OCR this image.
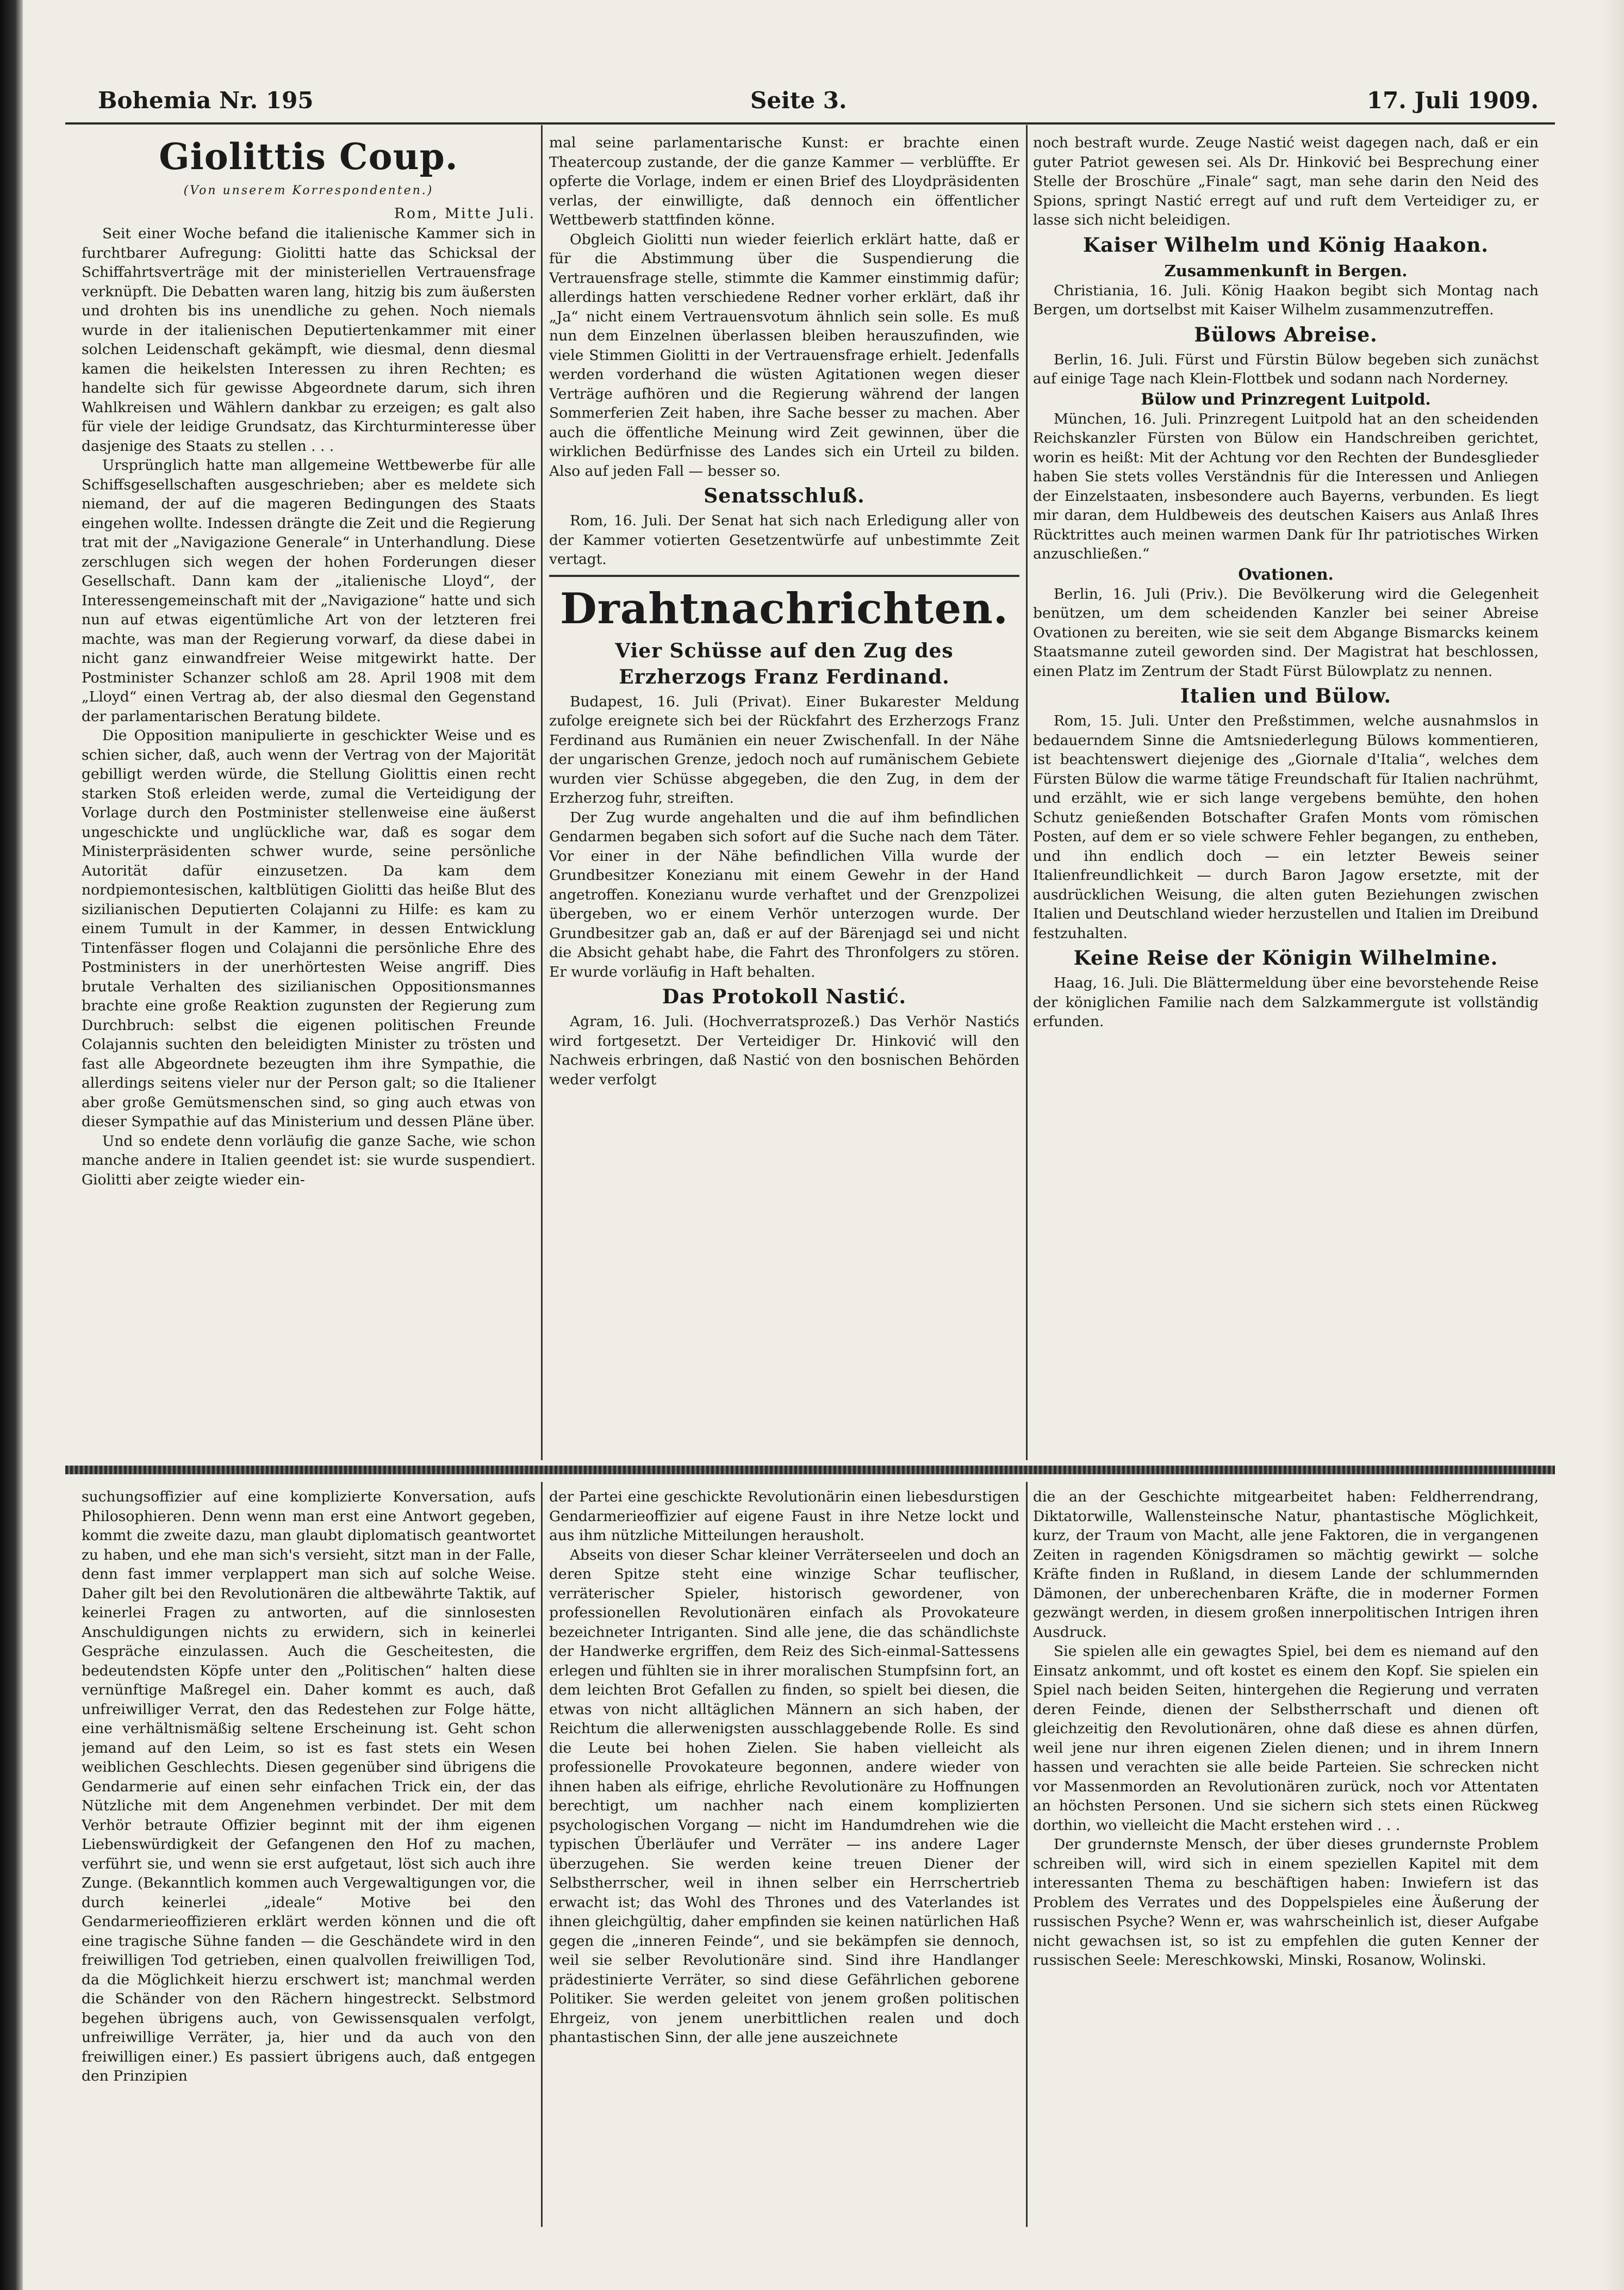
Bohemia Nr. 195	Seite 3.	17. Juli 1909.
Giolittis Coup.
(Von unserem Korrespondenten.)
Rom, Mitte Juli.

Seit einer Woche befand die italienische Kammer sich in furchtbarer Aufregung: Giolitti hatte das Schicksal der Schiffahrtsverträge mit der ministeriellen Vertrauensfrage verknüpft. Die Debatten waren lang, hitzig bis zum äußersten und drohten bis ins unendliche zu gehen. Noch niemals wurde in der italienischen Deputiertenkammer mit einer solchen Leidenschaft gekämpft, wie diesmal, denn diesmal kamen die heikelsten Interessen zu ihren Rechten; es handelte sich für gewisse Abgeordnete darum, sich ihren Wahlkreisen und Wählern dankbar zu erzeigen; es galt also für viele der leidige Grundsatz, das Kirchturminteresse über dasjenige des Staats zu stellen . . .

Ursprünglich hatte man allgemeine Wettbewerbe für alle Schiffsgesellschaften ausgeschrieben; aber es meldete sich niemand, der auf die mageren Bedingungen des Staats eingehen wollte. Indessen drängte die Zeit und die Regierung trat mit der „Navigazione Generale“ in Unterhandlung. Diese zerschlugen sich wegen der hohen Forderungen dieser Gesellschaft. Dann kam der „italienische Lloyd“, der Interessengemeinschaft mit der „Navigazione“ hatte und sich nun auf etwas eigentümliche Art von der letzteren frei machte, was man der Regierung vorwarf, da diese dabei in nicht ganz einwandfreier Weise mitgewirkt hatte. Der Postminister Schanzer schloß am 28. April 1908 mit dem „Lloyd“ einen Vertrag ab, der also diesmal den Gegenstand der parlamentarischen Beratung bildete.

Die Opposition manipulierte in geschickter Weise und es schien sicher, daß, auch wenn der Vertrag von der Majorität gebilligt werden würde, die Stellung Giolittis einen recht starken Stoß erleiden werde, zumal die Verteidigung der Vorlage durch den Postminister stellenweise eine äußerst ungeschickte und unglückliche war, daß es sogar dem Ministerpräsidenten schwer wurde, seine persönliche Autorität dafür einzusetzen. Da kam dem nordpiemontesischen, kaltblütigen Giolitti das heiße Blut des sizilianischen Deputierten Colajanni zu Hilfe: es kam zu einem Tumult in der Kammer, in dessen Entwicklung Tintenfässer flogen und Colajanni die persönliche Ehre des Postministers in der unerhörtesten Weise angriff. Dies brutale Verhalten des sizilianischen Oppositionsmannes brachte eine große Reaktion zugunsten der Regierung zum Durchbruch: selbst die eigenen politischen Freunde Colajannis suchten den beleidigten Minister zu trösten und fast alle Abgeordnete bezeugten ihm ihre Sympathie, die allerdings seitens vieler nur der Person galt; so die Italiener aber große Gemütsmenschen sind, so ging auch etwas von dieser Sympathie auf das Ministerium und dessen Pläne über.

Und so endete denn vorläufig die ganze Sache, wie schon manche andere in Italien geendet ist: sie wurde suspendiert. Giolitti aber zeigte wieder ein-

mal seine parlamentarische Kunst: er brachte einen Theatercoup zustande, der die ganze Kammer — verblüffte. Er opferte die Vorlage, indem er einen Brief des Lloydpräsidenten verlas, der einwilligte, daß dennoch ein öffentlicher Wettbewerb stattfinden könne.

Obgleich Giolitti nun wieder feierlich erklärt hatte, daß er für die Abstimmung über die Suspendierung die Vertrauensfrage stelle, stimmte die Kammer einstimmig dafür; allerdings hatten verschiedene Redner vorher erklärt, daß ihr „Ja“ nicht einem Vertrauensvotum ähnlich sein solle. Es muß nun dem Einzelnen überlassen bleiben herauszufinden, wie viele Stimmen Giolitti in der Vertrauensfrage erhielt. Jedenfalls werden vorderhand die wüsten Agitationen wegen dieser Verträge aufhören und die Regierung während der langen Sommerferien Zeit haben, ihre Sache besser zu machen. Aber auch die öffentliche Meinung wird Zeit gewinnen, über die wirklichen Bedürfnisse des Landes sich ein Urteil zu bilden. Also auf jeden Fall — besser so.

Senatsschluß.

Rom, 16. Juli. Der Senat hat sich nach Erledigung aller von der Kammer votierten Gesetzentwürfe auf unbestimmte Zeit vertagt.

Drahtnachrichten.
Vier Schüsse auf den Zug des Erzherzogs Franz Ferdinand.

Budapest, 16. Juli (Privat). Einer Bukarester Meldung zufolge ereignete sich bei der Rückfahrt des Erzherzogs Franz Ferdinand aus Rumänien ein neuer Zwischenfall. In der Nähe der ungarischen Grenze, jedoch noch auf rumänischem Gebiete wurden vier Schüsse abgegeben, die den Zug, in dem der Erzherzog fuhr, streiften.

Der Zug wurde angehalten und die auf ihm befindlichen Gendarmen begaben sich sofort auf die Suche nach dem Täter. Vor einer in der Nähe befindlichen Villa wurde der Grundbesitzer Konezianu mit einem Gewehr in der Hand angetroffen. Konezianu wurde verhaftet und der Grenzpolizei übergeben, wo er einem Verhör unterzogen wurde. Der Grundbesitzer gab an, daß er auf der Bärenjagd sei und nicht die Absicht gehabt habe, die Fahrt des Thronfolgers zu stören. Er wurde vorläufig in Haft behalten.

Das Protokoll Nastić.

Agram, 16. Juli. (Hochverratsprozeß.) Das Verhör Nastićs wird fortgesetzt. Der Verteidiger Dr. Hinković will den Nachweis erbringen, daß Nastić von den bosnischen Behörden weder verfolgt

noch bestraft wurde. Zeuge Nastić weist dagegen nach, daß er ein guter Patriot gewesen sei. Als Dr. Hinković bei Besprechung einer Stelle der Broschüre „Finale“ sagt, man sehe darin den Neid des Spions, springt Nastić erregt auf und ruft dem Verteidiger zu, er lasse sich nicht beleidigen.

Kaiser Wilhelm und König Haakon.
Zusammenkunft in Bergen.

Christiania, 16. Juli. König Haakon begibt sich Montag nach Bergen, um dortselbst mit Kaiser Wilhelm zusammenzutreffen.

Bülows Abreise.

Berlin, 16. Juli. Fürst und Fürstin Bülow begeben sich zunächst auf einige Tage nach Klein-Flottbek und sodann nach Norderney.

Bülow und Prinzregent Luitpold.

München, 16. Juli. Prinzregent Luitpold hat an den scheidenden Reichskanzler Fürsten von Bülow ein Handschreiben gerichtet, worin es heißt: Mit der Achtung vor den Rechten der Bundesglieder haben Sie stets volles Verständnis für die Interessen und Anliegen der Einzelstaaten, insbesondere auch Bayerns, verbunden. Es liegt mir daran, dem Huldbeweis des deutschen Kaisers aus Anlaß Ihres Rücktrittes auch meinen warmen Dank für Ihr patriotisches Wirken anzuschließen.“

Ovationen.

Berlin, 16. Juli (Priv.). Die Bevölkerung wird die Gelegenheit benützen, um dem scheidenden Kanzler bei seiner Abreise Ovationen zu bereiten, wie sie seit dem Abgange Bismarcks keinem Staatsmanne zuteil geworden sind. Der Magistrat hat beschlossen, einen Platz im Zentrum der Stadt Fürst Bülowplatz zu nennen.

Italien und Bülow.

Rom, 15. Juli. Unter den Preßstimmen, welche ausnahmslos in bedauerndem Sinne die Amtsniederlegung Bülows kommentieren, ist beachtenswert diejenige des „Giornale d'Italia“, welches dem Fürsten Bülow die warme tätige Freundschaft für Italien nachrühmt, und erzählt, wie er sich lange vergebens bemühte, den hohen Schutz genießenden Botschafter Grafen Monts vom römischen Posten, auf dem er so viele schwere Fehler begangen, zu entheben, und ihn endlich doch — ein letzter Beweis seiner Italienfreundlichkeit — durch Baron Jagow ersetzte, mit der ausdrücklichen Weisung, die alten guten Beziehungen zwischen Italien und Deutschland wieder herzustellen und Italien im Dreibund festzuhalten.

Keine Reise der Königin Wilhelmine.

Haag, 16. Juli. Die Blättermeldung über eine bevorstehende Reise der königlichen Familie nach dem Salzkammergute ist vollständig erfunden.

suchungsoffizier auf eine komplizierte Konversation, aufs Philosophieren. Denn wenn man erst eine Antwort gegeben, kommt die zweite dazu, man glaubt diplomatisch geantwortet zu haben, und ehe man sich's versieht, sitzt man in der Falle, denn fast immer verplappert man sich auf solche Weise. Daher gilt bei den Revolutionären die altbewährte Taktik, auf keinerlei Fragen zu antworten, auf die sinnlosesten Anschuldigungen nichts zu erwidern, sich in keinerlei Gespräche einzulassen. Auch die Gescheitesten, die bedeutendsten Köpfe unter den „Politischen“ halten diese vernünftige Maßregel ein. Daher kommt es auch, daß unfreiwilliger Verrat, den das Redestehen zur Folge hätte, eine verhältnismäßig seltene Erscheinung ist. Geht schon jemand auf den Leim, so ist es fast stets ein Wesen weiblichen Geschlechts. Diesen gegenüber sind übrigens die Gendarmerie auf einen sehr einfachen Trick ein, der das Nützliche mit dem Angenehmen verbindet. Der mit dem Verhör betraute Offizier beginnt mit der ihm eigenen Liebenswürdigkeit der Gefangenen den Hof zu machen, verführt sie, und wenn sie erst aufgetaut, löst sich auch ihre Zunge. (Bekanntlich kommen auch Vergewaltigungen vor, die durch keinerlei „ideale“ Motive bei den Gendarmerieoffizieren erklärt werden können und die oft eine tragische Sühne fanden — die Geschändete wird in den freiwilligen Tod getrieben, einen qualvollen freiwilligen Tod, da die Möglichkeit hierzu erschwert ist; manchmal werden die Schänder von den Rächern hingestreckt. Selbstmord begehen übrigens auch, von Gewissensqualen verfolgt, unfreiwillige Verräter, ja, hier und da auch von den freiwilligen einer.) Es passiert übrigens auch, daß entgegen den Prinzipien

der Partei eine geschickte Revolutionärin einen liebesdurstigen Gendarmerieoffizier auf eigene Faust in ihre Netze lockt und aus ihm nützliche Mitteilungen herausholt.

Abseits von dieser Schar kleiner Verräterseelen und doch an deren Spitze steht eine winzige Schar teuflischer, verräterischer Spieler, historisch gewordener, von professionellen Revolutionären einfach als Provokateure bezeichneter Intriganten. Sind alle jene, die das schändlichste der Handwerke ergriffen, dem Reiz des Sich-einmal-Sattessens erlegen und fühlten sie in ihrer moralischen Stumpfsinn fort, an dem leichten Brot Gefallen zu finden, so spielt bei diesen, die etwas von nicht alltäglichen Männern an sich haben, der Reichtum die allerwenigsten ausschlaggebende Rolle. Es sind die Leute bei hohen Zielen. Sie haben vielleicht als professionelle Provokateure begonnen, andere wieder von ihnen haben als eifrige, ehrliche Revolutionäre zu Hoffnungen berechtigt, um nachher nach einem komplizierten psychologischen Vorgang — nicht im Handumdrehen wie die typischen Überläufer und Verräter — ins andere Lager überzugehen. Sie werden keine treuen Diener der Selbstherrscher, weil in ihnen selber ein Herrschertrieb erwacht ist; das Wohl des Thrones und des Vaterlandes ist ihnen gleichgültig, daher empfinden sie keinen natürlichen Haß gegen die „inneren Feinde“, und sie bekämpfen sie dennoch, weil sie selber Revolutionäre sind. Sind ihre Handlanger prädestinierte Verräter, so sind diese Gefährlichen geborene Politiker. Sie werden geleitet von jenem großen politischen Ehrgeiz, von jenem unerbittlichen realen und doch phantastischen Sinn, der alle jene auszeichnete

die an der Geschichte mitgearbeitet haben: Feldherrendrang, Diktatorwille, Wallensteinsche Natur, phantastische Möglichkeit, kurz, der Traum von Macht, alle jene Faktoren, die in vergangenen Zeiten in ragenden Königsdramen so mächtig gewirkt — solche Kräfte finden in Rußland, in diesem Lande der schlummernden Dämonen, der unberechenbaren Kräfte, die in moderner Formen gezwängt werden, in diesem großen innerpolitischen Intrigen ihren Ausdruck.

Sie spielen alle ein gewagtes Spiel, bei dem es niemand auf den Einsatz ankommt, und oft kostet es einem den Kopf. Sie spielen ein Spiel nach beiden Seiten, hintergehen die Regierung und verraten deren Feinde, dienen der Selbstherrschaft und dienen oft gleichzeitig den Revolutionären, ohne daß diese es ahnen dürfen, weil jene nur ihren eigenen Zielen dienen; und in ihrem Innern hassen und verachten sie alle beide Parteien. Sie schrecken nicht vor Massenmorden an Revolutionären zurück, noch vor Attentaten an höchsten Personen. Und sie sichern sich stets einen Rückweg dorthin, wo vielleicht die Macht erstehen wird . . .

Der grundernste Mensch, der über dieses grundernste Problem schreiben will, wird sich in einem speziellen Kapitel mit dem interessanten Thema zu beschäftigen haben: Inwiefern ist das Problem des Verrates und des Doppelspieles eine Äußerung der russischen Psyche? Wenn er, was wahrscheinlich ist, dieser Aufgabe nicht gewachsen ist, so ist zu empfehlen die guten Kenner der russischen Seele: Mereschkowski, Minski, Rosanow, Wolinski.
